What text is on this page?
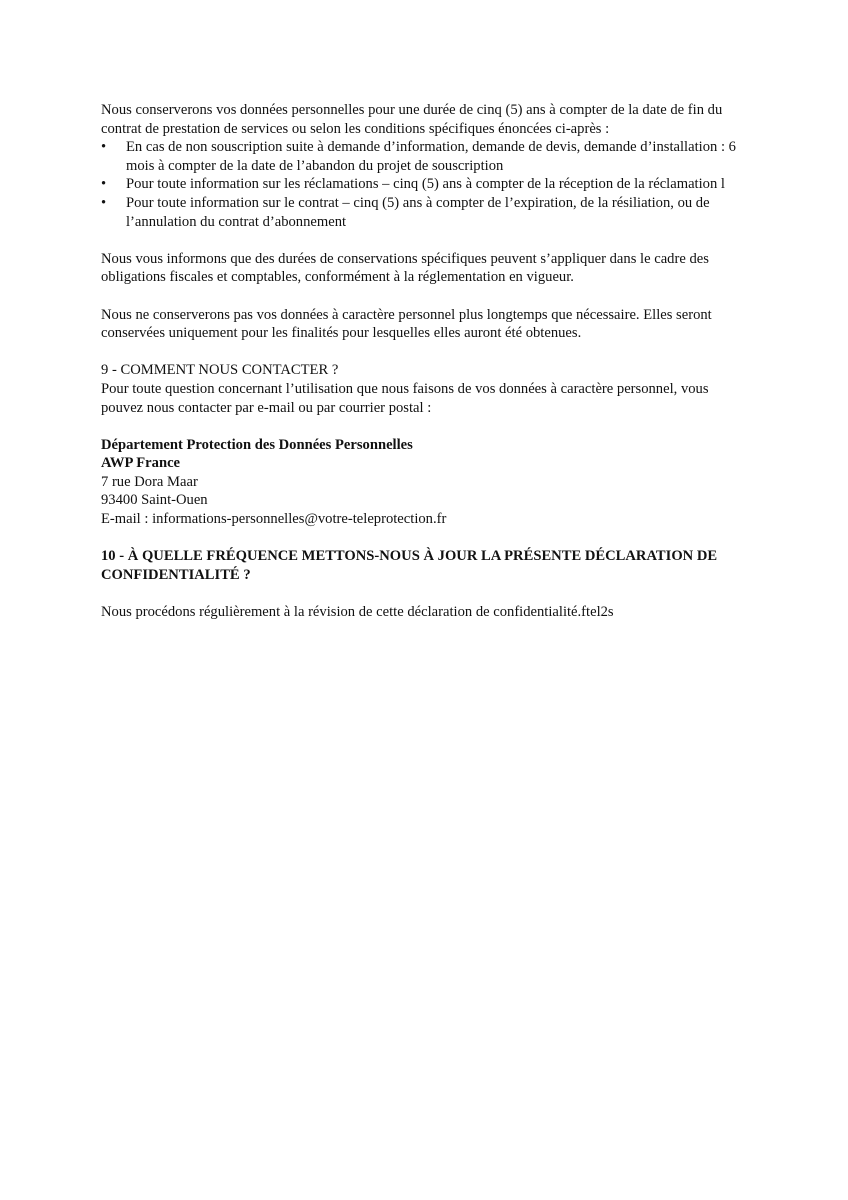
Nous conserverons vos données personnelles pour une durée de cinq (5) ans à compter de la date de fin du contrat de prestation de services ou selon les conditions spécifiques énoncées ci-après :

• En cas de non souscription suite à demande d’information, demande de devis, demande d’installation : 6 mois à compter de la date de l’abandon du projet de souscription
• Pour toute information sur les réclamations – cinq (5) ans à compter de la réception de la réclamation l
• Pour toute information sur le contrat – cinq (5) ans à compter de l’expiration, de la résiliation, ou de l’annulation du contrat d’abonnement

Nous vous informons que des durées de conservations spécifiques peuvent s’appliquer dans le cadre des obligations fiscales et comptables, conformément à la réglementation en vigueur.

Nous ne conserverons pas vos données à caractère personnel plus longtemps que nécessaire. Elles seront conservées uniquement pour les finalités pour lesquelles elles auront été obtenues.

9 - COMMENT NOUS CONTACTER ?

Pour toute question concernant l’utilisation que nous faisons de vos données à caractère personnel, vous pouvez nous contacter par e-mail ou par courrier postal :

Département Protection des Données Personnelles

AWP France

7 rue Dora Maar

93400 Saint-Ouen

E-mail : informations-personnelles@votre-teleprotection.fr

10 - À QUELLE FRÉQUENCE METTONS-NOUS À JOUR LA PRÉSENTE DÉCLARATION DE CONFIDENTIALITÉ ?

Nous procédons régulièrement à la révision de cette déclaration de confidentialité.ftel2s
